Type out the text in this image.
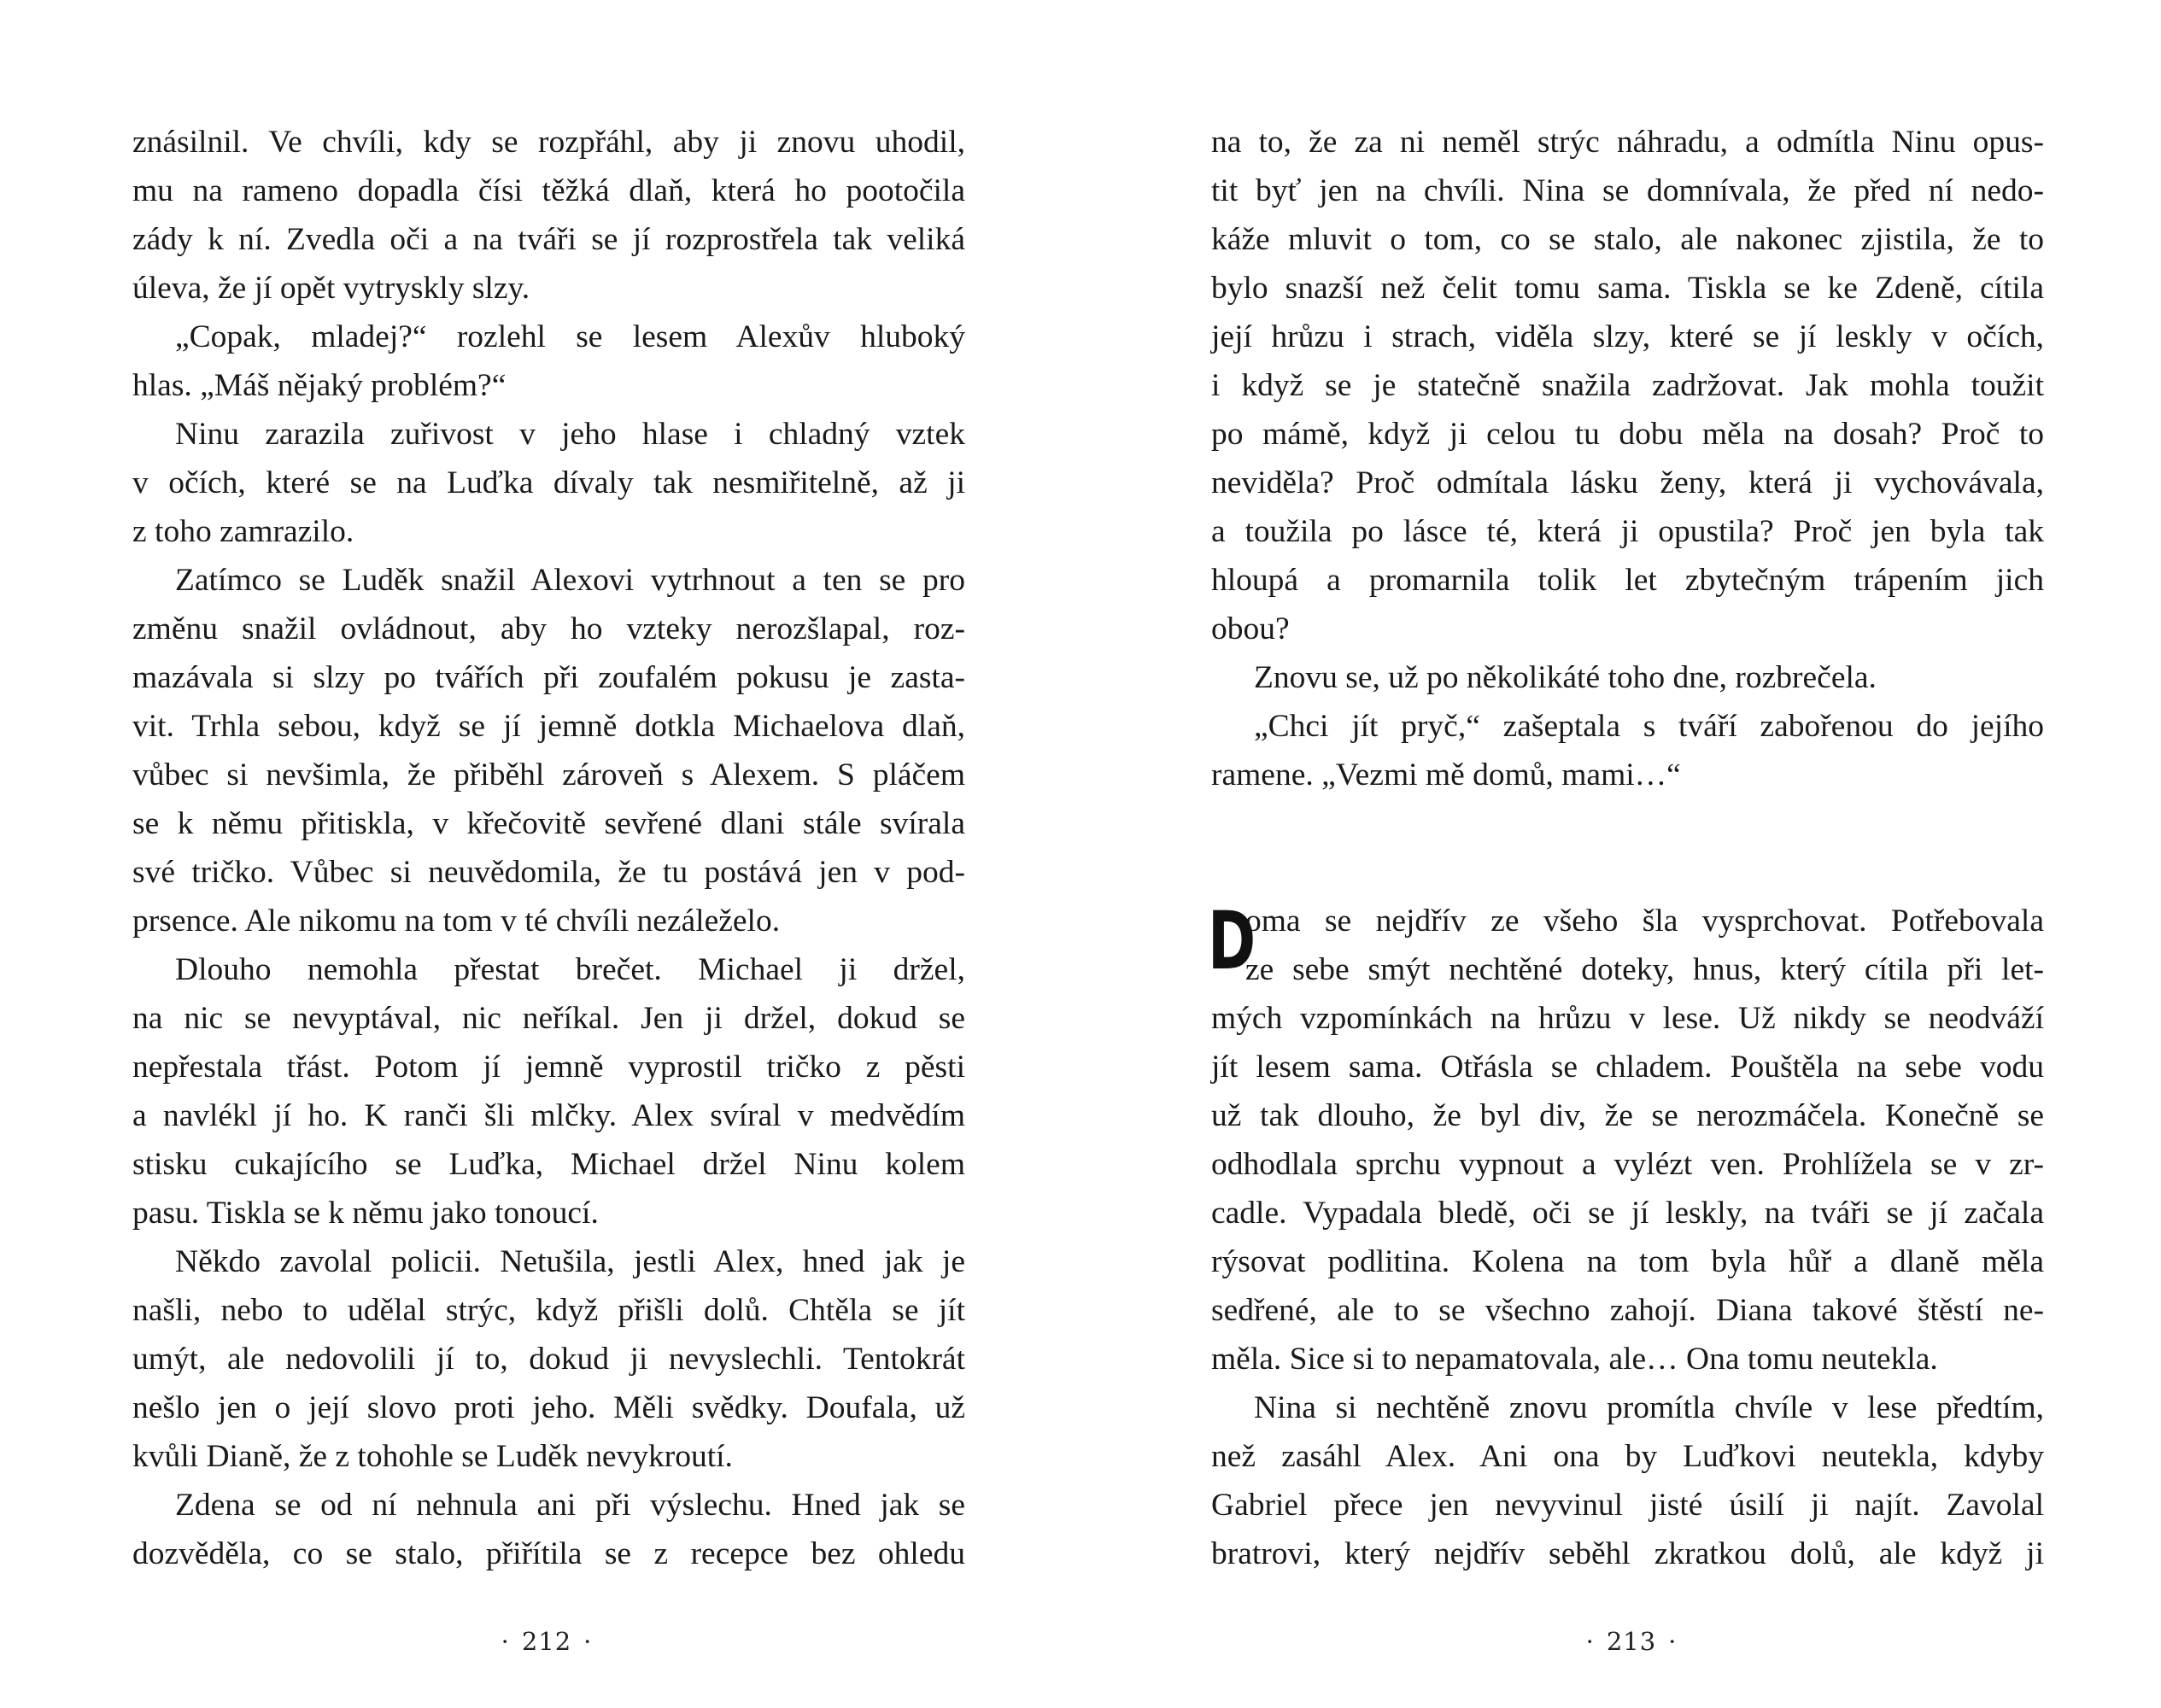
znásilnil. Ve chvíli, kdy se rozpřáhl, aby ji znovu uhodil,
mu na rameno dopadla čísi těžká dlaň, která ho pootočila
zády k ní. Zvedla oči a na tváři se jí rozprostřela tak veliká
úleva, že jí opět vytryskly slzy.
„Copak, mladej?“ rozlehl se lesem Alexův hluboký
hlas. „Máš nějaký problém?“
Ninu zarazila zuřivost v jeho hlase i chladný vztek
v očích, které se na Luďka dívaly tak nesmiřitelně, až ji
z toho zamrazilo.
Zatímco se Luděk snažil Alexovi vytrhnout a ten se pro
změnu snažil ovládnout, aby ho vzteky nerozšlapal, roz-
mazávala si slzy po tvářích při zoufalém pokusu je zasta-
vit. Trhla sebou, když se jí jemně dotkla Michaelova dlaň,
vůbec si nevšimla, že přiběhl zároveň s Alexem. S pláčem
se k němu přitiskla, v křečovitě sevřené dlani stále svírala
své tričko. Vůbec si neuvědomila, že tu postává jen v pod-
prsence. Ale nikomu na tom v té chvíli nezáleželo.
Dlouho nemohla přestat brečet. Michael ji držel,
na nic se nevyptával, nic neříkal. Jen ji držel, dokud se
nepřestala třást. Potom jí jemně vyprostil tričko z pěsti
a navlékl jí ho. K ranči šli mlčky. Alex svíral v medvědím
stisku cukajícího se Luďka, Michael držel Ninu kolem
pasu. Tiskla se k němu jako tonoucí.
Někdo zavolal policii. Netušila, jestli Alex, hned jak je
našli, nebo to udělal strýc, když přišli dolů. Chtěla se jít
umýt, ale nedovolili jí to, dokud ji nevyslechli. Tentokrát
nešlo jen o její slovo proti jeho. Měli svědky. Doufala, už
kvůli Dianě, že z tohohle se Luděk nevykroutí.
Zdena se od ní nehnula ani při výslechu. Hned jak se
dozvěděla, co se stalo, přiřítila se z recepce bez ohledu
· 212 ·
na to, že za ni neměl strýc náhradu, a odmítla Ninu opus-
tit byť jen na chvíli. Nina se domnívala, že před ní nedo-
káže mluvit o tom, co se stalo, ale nakonec zjistila, že to
bylo snazší než čelit tomu sama. Tiskla se ke Zdeně, cítila
její hrůzu i strach, viděla slzy, které se jí leskly v očích,
i když se je statečně snažila zadržovat. Jak mohla toužit
po mámě, když ji celou tu dobu měla na dosah? Proč to
neviděla? Proč odmítala lásku ženy, která ji vychovávala,
a toužila po lásce té, která ji opustila? Proč jen byla tak
hloupá a promarnila tolik let zbytečným trápením jich
obou?
Znovu se, už po několikáté toho dne, rozbrečela.
„Chci jít pryč,“ zašeptala s tváří zabořenou do jejího
ramene. „Vezmi mě domů, mami…“
D
oma se nejdřív ze všeho šla vysprchovat. Potřebovala
ze sebe smýt nechtěné doteky, hnus, který cítila při let-
mých vzpomínkách na hrůzu v lese. Už nikdy se neodváží
jít lesem sama. Otřásla se chladem. Pouštěla na sebe vodu
už tak dlouho, že byl div, že se nerozmáčela. Konečně se
odhodlala sprchu vypnout a vylézt ven. Prohlížela se v zr-
cadle. Vypadala bledě, oči se jí leskly, na tváři se jí začala
rýsovat podlitina. Kolena na tom byla hůř a dlaně měla
sedřené, ale to se všechno zahojí. Diana takové štěstí ne-
měla. Sice si to nepamatovala, ale… Ona tomu neutekla.
Nina si nechtěně znovu promítla chvíle v lese předtím,
než zasáhl Alex. Ani ona by Luďkovi neutekla, kdyby
Gabriel přece jen nevyvinul jisté úsilí ji najít. Zavolal
bratrovi, který nejdřív seběhl zkratkou dolů, ale když ji
· 213 ·
